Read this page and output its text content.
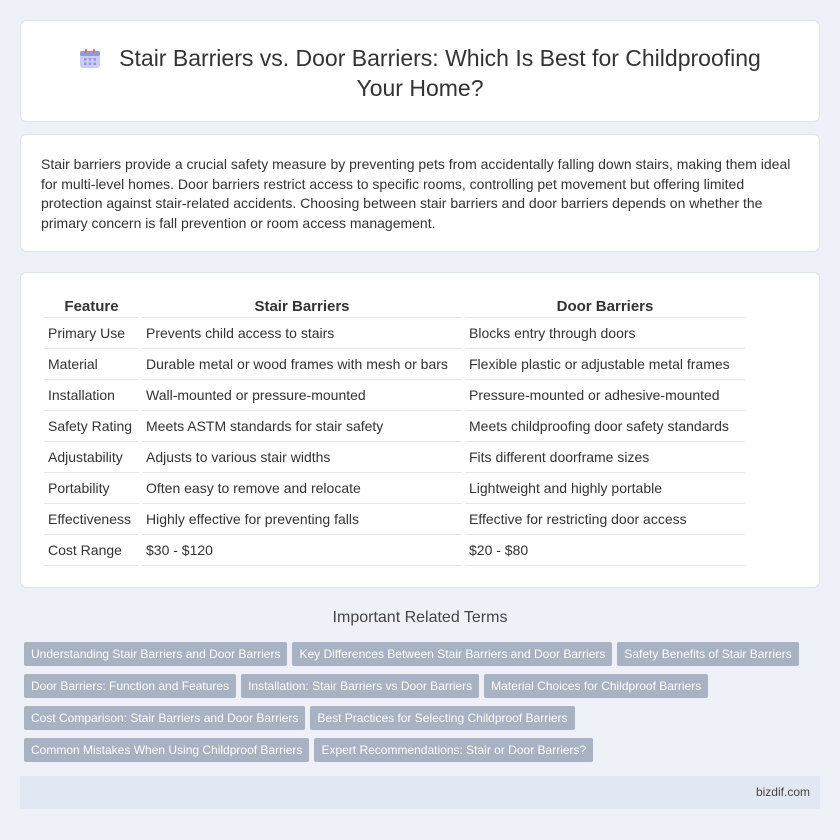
Stair Barriers vs. Door Barriers: Which Is Best for Childproofing Your Home?

Stair barriers provide a crucial safety measure by preventing pets from accidentally falling down stairs, making them ideal for multi-level homes. Door barriers restrict access to specific rooms, controlling pet movement but offering limited protection against stair-related accidents. Choosing between stair barriers and door barriers depends on whether the primary concern is fall prevention or room access management.

Feature	Stair Barriers	Door Barriers
Primary Use	Prevents child access to stairs	Blocks entry through doors
Material	Durable metal or wood frames with mesh or bars	Flexible plastic or adjustable metal frames
Installation	Wall-mounted or pressure-mounted	Pressure-mounted or adhesive-mounted
Safety Rating	Meets ASTM standards for stair safety	Meets childproofing door safety standards
Adjustability	Adjusts to various stair widths	Fits different doorframe sizes
Portability	Often easy to remove and relocate	Lightweight and highly portable
Effectiveness	Highly effective for preventing falls	Effective for restricting door access
Cost Range	$30 - $120	$20 - $80
Important Related Terms
Understanding Stair Barriers and Door Barriers Key Differences Between Stair Barriers and Door Barriers Safety Benefits of Stair Barriers
Door Barriers: Function and Features Installation: Stair Barriers vs Door Barriers Material Choices for Childproof Barriers
Cost Comparison: Stair Barriers and Door Barriers Best Practices for Selecting Childproof Barriers
Common Mistakes When Using Childproof Barriers Expert Recommendations: Stair or Door Barriers?
bizdif.com
